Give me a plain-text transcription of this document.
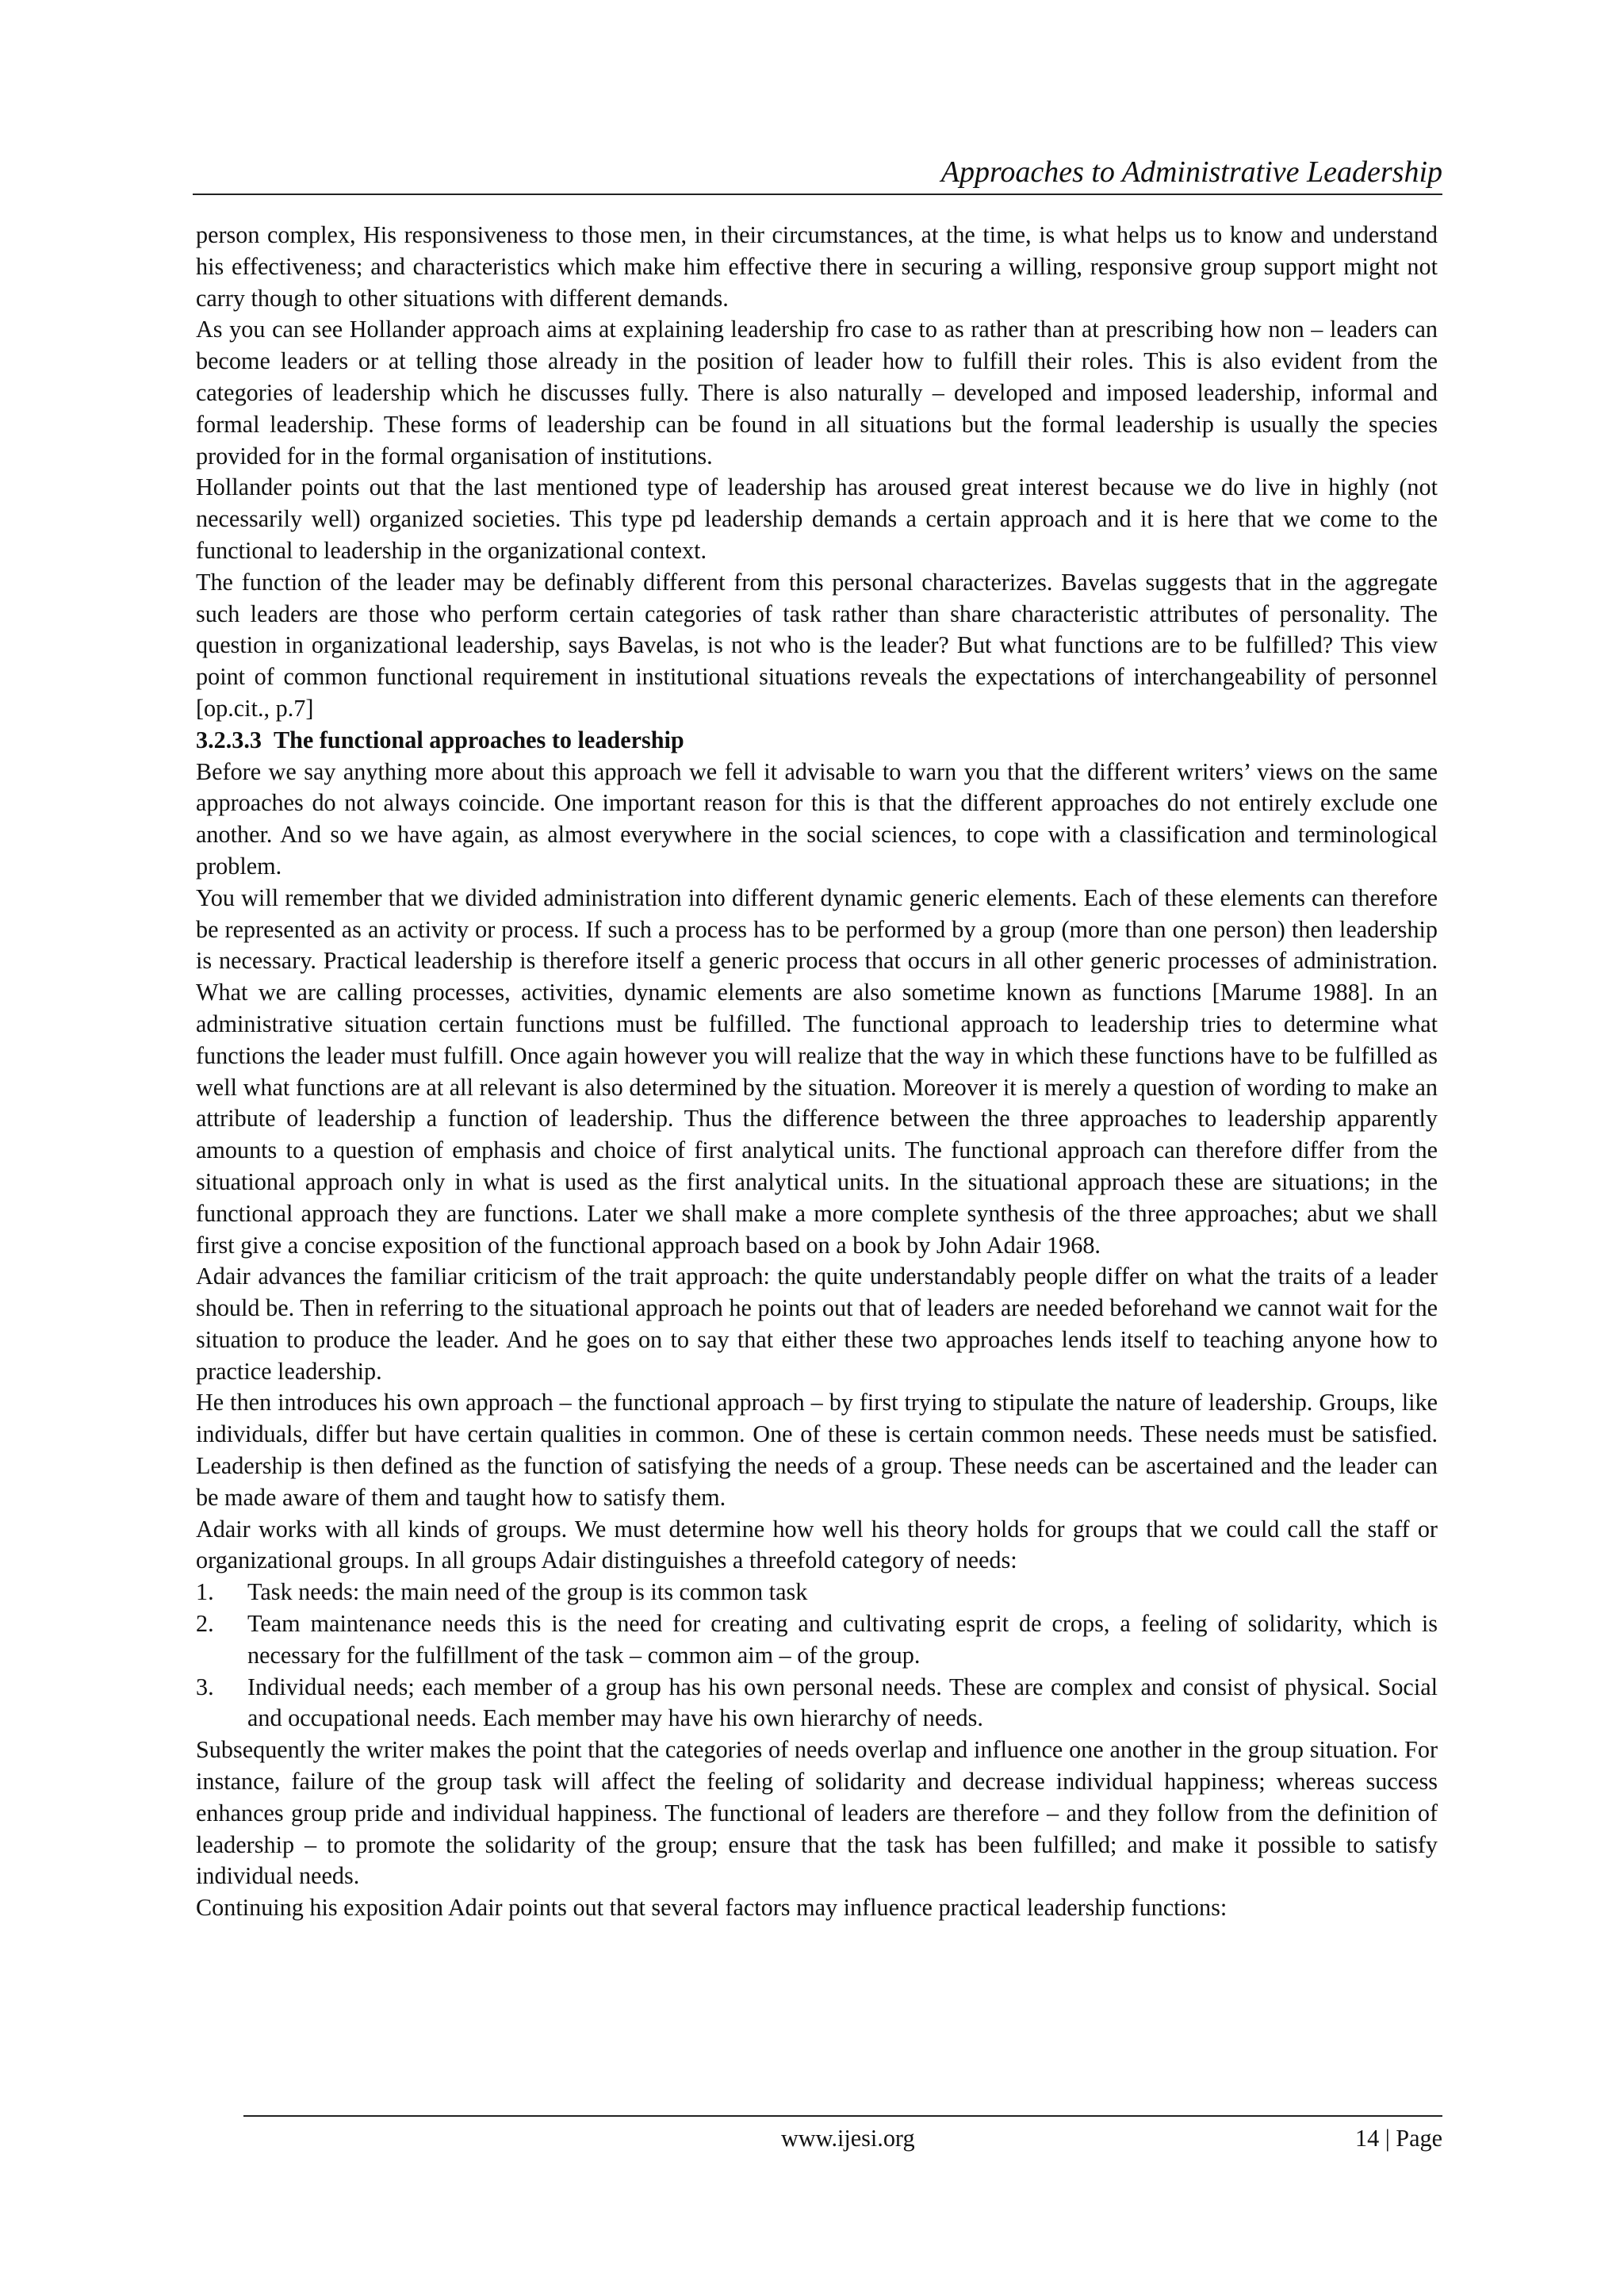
Approaches to Administrative Leadership

person complex, His responsiveness to those men, in their circumstances, at the time, is what helps us to know and understand his effectiveness; and characteristics which make him effective there in securing a willing, responsive group support might not carry though to other situations with different demands.

As you can see Hollander approach aims at explaining leadership fro case to as rather than at prescribing how non – leaders can become leaders or at telling those already in the position of leader how to fulfill their roles. This is also evident from the categories of leadership which he discusses fully. There is also naturally – developed and imposed leadership, informal and formal leadership. These forms of leadership can be found in all situations but the formal leadership is usually the species provided for in the formal organisation of institutions.

Hollander points out that the last mentioned type of leadership has aroused great interest because we do live in highly (not necessarily well) organized societies. This type pd leadership demands a certain approach and it is here that we come to the functional to leadership in the organizational context.

The function of the leader may be definably different from this personal characterizes. Bavelas suggests that in the aggregate such leaders are those who perform certain categories of task rather than share characteristic attributes of personality. The question in organizational leadership, says Bavelas, is not who is the leader? But what functions are to be fulfilled? This view point of common functional requirement in institutional situations reveals the expectations of interchangeability of personnel [op.cit., p.7]

3.2.3.3 The functional approaches to leadership

Before we say anything more about this approach we fell it advisable to warn you that the different writers’ views on the same approaches do not always coincide. One important reason for this is that the different approaches do not entirely exclude one another. And so we have again, as almost everywhere in the social sciences, to cope with a classification and terminological problem.

You will remember that we divided administration into different dynamic generic elements. Each of these elements can therefore be represented as an activity or process. If such a process has to be performed by a group (more than one person) then leadership is necessary. Practical leadership is therefore itself a generic process that occurs in all other generic processes of administration. What we are calling processes, activities, dynamic elements are also sometime known as functions [Marume 1988]. In an administrative situation certain functions must be fulfilled. The functional approach to leadership tries to determine what functions the leader must fulfill. Once again however you will realize that the way in which these functions have to be fulfilled as well what functions are at all relevant is also determined by the situation. Moreover it is merely a question of wording to make an attribute of leadership a function of leadership. Thus the difference between the three approaches to leadership apparently amounts to a question of emphasis and choice of first analytical units. The functional approach can therefore differ from the situational approach only in what is used as the first analytical units. In the situational approach these are situations; in the functional approach they are functions. Later we shall make a more complete synthesis of the three approaches; abut we shall first give a concise exposition of the functional approach based on a book by John Adair 1968.

Adair advances the familiar criticism of the trait approach: the quite understandably people differ on what the traits of a leader should be. Then in referring to the situational approach he points out that of leaders are needed beforehand we cannot wait for the situation to produce the leader. And he goes on to say that either these two approaches lends itself to teaching anyone how to practice leadership.

He then introduces his own approach – the functional approach – by first trying to stipulate the nature of leadership. Groups, like individuals, differ but have certain qualities in common. One of these is certain common needs. These needs must be satisfied. Leadership is then defined as the function of satisfying the needs of a group. These needs can be ascertained and the leader can be made aware of them and taught how to satisfy them.

Adair works with all kinds of groups. We must determine how well his theory holds for groups that we could call the staff or organizational groups. In all groups Adair distinguishes a threefold category of needs:

1. Task needs: the main need of the group is its common task
2. Team maintenance needs this is the need for creating and cultivating esprit de crops, a feeling of solidarity, which is necessary for the fulfillment of the task – common aim – of the group.
3. Individual needs; each member of a group has his own personal needs. These are complex and consist of physical. Social and occupational needs. Each member may have his own hierarchy of needs.

Subsequently the writer makes the point that the categories of needs overlap and influence one another in the group situation. For instance, failure of the group task will affect the feeling of solidarity and decrease individual happiness; whereas success enhances group pride and individual happiness. The functional of leaders are therefore – and they follow from the definition of leadership – to promote the solidarity of the group; ensure that the task has been fulfilled; and make it possible to satisfy individual needs.

Continuing his exposition Adair points out that several factors may influence practical leadership functions:

www.ijesi.org	14 | Page
